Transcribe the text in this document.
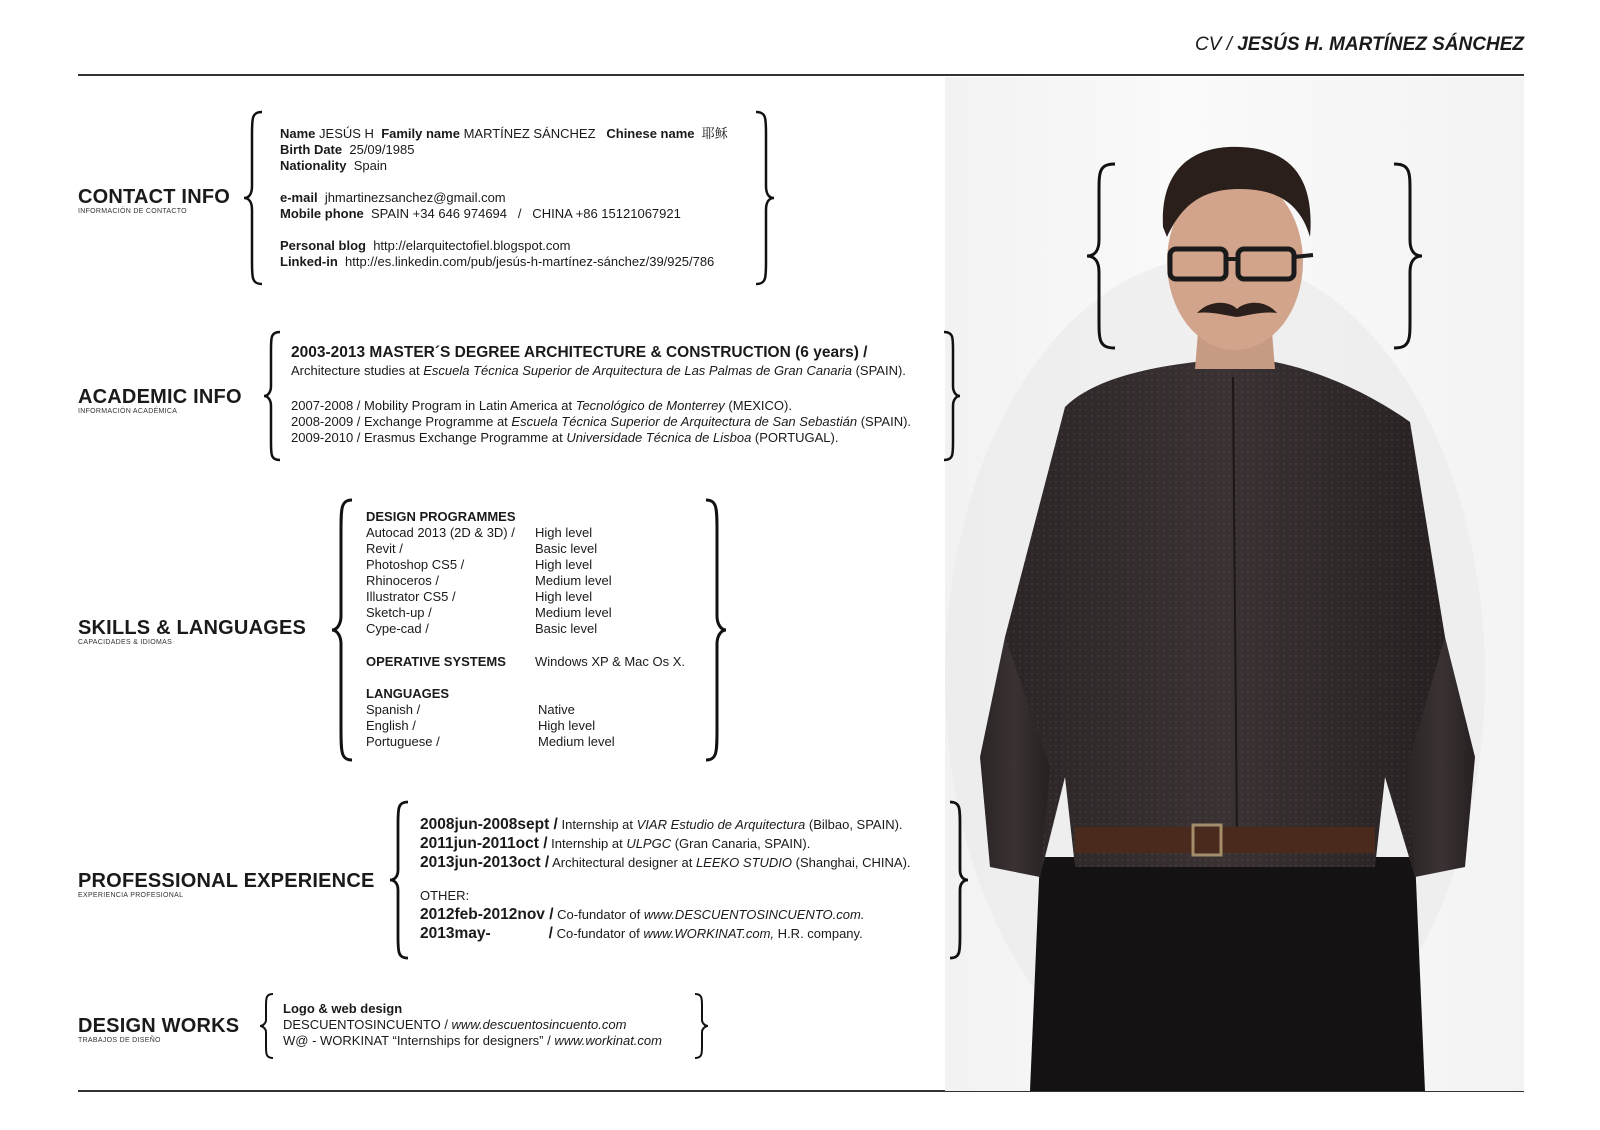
CV / JESÚS H. MARTÍNEZ SÁNCHEZ
CONTACT INFO
INFORMACIÓN DE CONTACTO
Name JESÚS H Family name MARTÍNEZ SÁNCHEZ Chinese name 耶稣
Birth Date 25/09/1985
Nationality Spain
e-mail jhmartinezsanchez@gmail.com
Mobile phone SPAIN +34 646 974694   /   CHINA +86 15121067921
Personal blog http://elarquitectofiel.blogspot.com
Linked-in http://es.linkedin.com/pub/jesús-h-martínez-sánchez/39/925/786
ACADEMIC INFO
INFORMACIÓN ACADÉMICA
2003-2013 MASTER´S DEGREE ARCHITECTURE & CONSTRUCTION (6 years) /
Architecture studies at Escuela Técnica Superior de Arquitectura de Las Palmas de Gran Canaria (SPAIN).
2007-2008 / Mobility Program in Latin America at Tecnológico de Monterrey (MEXICO).
2008-2009 / Exchange Programme at Escuela Técnica Superior de Arquitectura de San Sebastián (SPAIN).
2009-2010 / Erasmus Exchange Programme at Universidade Técnica de Lisboa (PORTUGAL).
SKILLS & LANGUAGES
CAPACIDADES & IDIOMAS
DESIGN PROGRAMMES
Autocad 2013 (2D & 3D) / High level
Revit /	Basic level
Photoshop CS5 /	High level
Rhinoceros /	Medium level
Illustrator CS5 /	High level
Sketch-up /	Medium level
Cype-cad /	Basic level
OPERATIVE SYSTEMS Windows XP & Mac Os X.
LANGUAGES
Spanish /	Native
English /	High level
Portuguese /	Medium level
PROFESSIONAL EXPERIENCE
EXPERIENCIA PROFESIONAL
2008jun-2008sept / Internship at VIAR Estudio de Arquitectura (Bilbao, SPAIN).
2011jun-2011oct / Internship at ULPGC (Gran Canaria, SPAIN).
2013jun-2013oct / Architectural designer at LEEKO STUDIO (Shanghai, CHINA).
OTHER:
2012feb-2012nov / Co-fundator of www.DESCUENTOSINCUENTO.com.
2013may-	/ Co-fundator of www.WORKINAT.com, H.R. company.
DESIGN WORKS
TRABAJOS DE DISEÑO
Logo & web design
DESCUENTOSINCUENTO / www.descuentosincuento.com
W@ - WORKINAT “Internships for designers” / www.workinat.com
